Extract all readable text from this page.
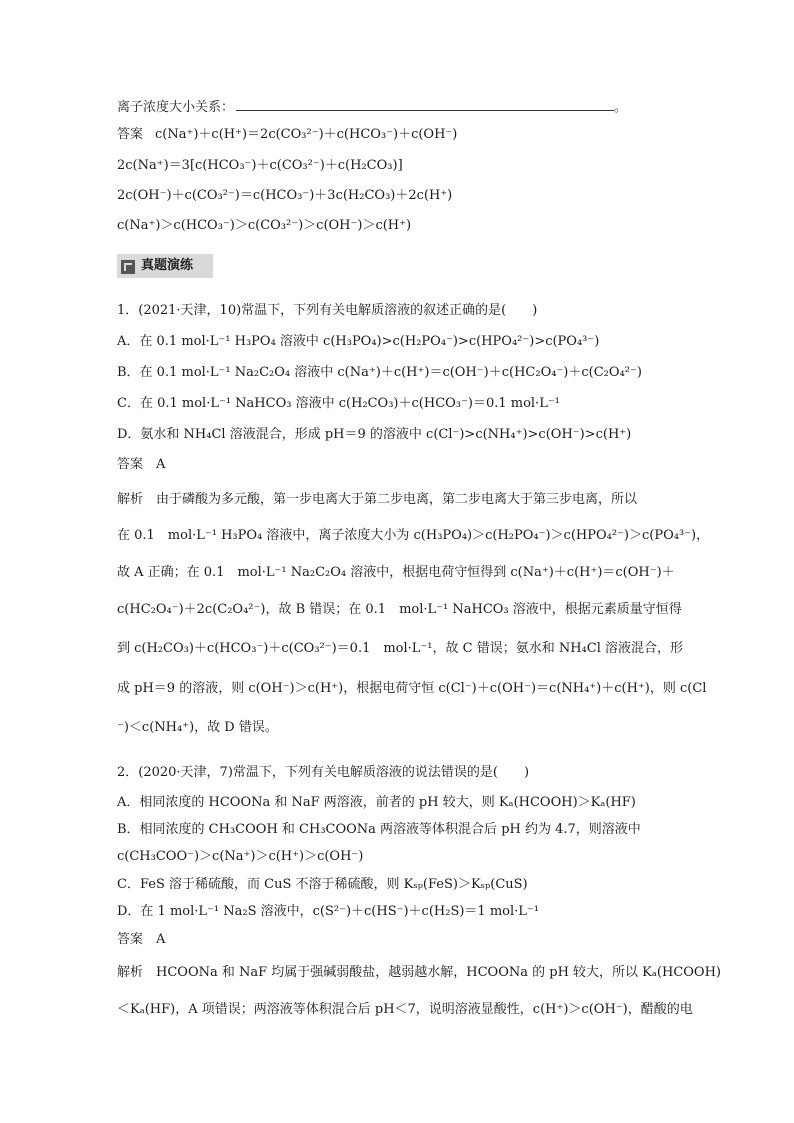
离子浓度大小关系：	。
答案 c(Na⁺)＋c(H⁺)＝2c(CO₃²⁻)＋c(HCO₃⁻)＋c(OH⁻)
2c(Na⁺)＝3[c(HCO₃⁻)＋c(CO₃²⁻)＋c(H₂CO₃)]
2c(OH⁻)＋c(CO₃²⁻)＝c(HCO₃⁻)＋3c(H₂CO₃)＋2c(H⁺)
c(Na⁺)＞c(HCO₃⁻)＞c(CO₃²⁻)＞c(OH⁻)＞c(H⁺)
真题演练
1．(2021·天津，10)常温下，下列有关电解质溶液的叙述正确的是(　　)
A．在 0.1 mol·L⁻¹ H₃PO₄ 溶液中 c(H₃PO₄)>c(H₂PO₄⁻)>c(HPO₄²⁻)>c(PO₄³⁻)
B．在 0.1 mol·L⁻¹ Na₂C₂O₄ 溶液中 c(Na⁺)＋c(H⁺)＝c(OH⁻)＋c(HC₂O₄⁻)＋c(C₂O₄²⁻)
C．在 0.1 mol·L⁻¹ NaHCO₃ 溶液中 c(H₂CO₃)＋c(HCO₃⁻)＝0.1 mol·L⁻¹
D．氨水和 NH₄Cl 溶液混合，形成 pH＝9 的溶液中 c(Cl⁻)>c(NH₄⁺)>c(OH⁻)>c(H⁺)
答案　A
解析　由于磷酸为多元酸，第一步电离大于第二步电离，第二步电离大于第三步电离，所以
在 0.1　mol·L⁻¹ H₃PO₄ 溶液中，离子浓度大小为 c(H₃PO₄)＞c(H₂PO₄⁻)＞c(HPO₄²⁻)＞c(PO₄³⁻)，
故 A 正确；在 0.1　mol·L⁻¹ Na₂C₂O₄ 溶液中，根据电荷守恒得到 c(Na⁺)＋c(H⁺)＝c(OH⁻)＋
c(HC₂O₄⁻)＋2c(C₂O₄²⁻)，故 B 错误；在 0.1　mol·L⁻¹ NaHCO₃ 溶液中，根据元素质量守恒得
到 c(H₂CO₃)＋c(HCO₃⁻)＋c(CO₃²⁻)＝0.1　mol·L⁻¹，故 C 错误；氨水和 NH₄Cl 溶液混合，形
成 pH＝9 的溶液，则 c(OH⁻)＞c(H⁺)，根据电荷守恒 c(Cl⁻)＋c(OH⁻)＝c(NH₄⁺)＋c(H⁺)，则 c(Cl
⁻)＜c(NH₄⁺)，故 D 错误。
2．(2020·天津，7)常温下，下列有关电解质溶液的说法错误的是(　　)
A．相同浓度的 HCOONa 和 NaF 两溶液，前者的 pH 较大，则 Kₐ(HCOOH)＞Kₐ(HF)
B．相同浓度的 CH₃COOH 和 CH₃COONa 两溶液等体积混合后 pH 约为 4.7，则溶液中
c(CH₃COO⁻)＞c(Na⁺)＞c(H⁺)＞c(OH⁻)
C．FeS 溶于稀硫酸，而 CuS 不溶于稀硫酸，则 Kₛₚ(FeS)＞Kₛₚ(CuS)
D．在 1 mol·L⁻¹ Na₂S 溶液中，c(S²⁻)＋c(HS⁻)＋c(H₂S)＝1 mol·L⁻¹
答案　A
解析　HCOONa 和 NaF 均属于强碱弱酸盐，越弱越水解，HCOONa 的 pH 较大，所以 Kₐ(HCOOH)
＜Kₐ(HF)，A 项错误；两溶液等体积混合后 pH＜7，说明溶液显酸性，c(H⁺)＞c(OH⁻)，醋酸的电
